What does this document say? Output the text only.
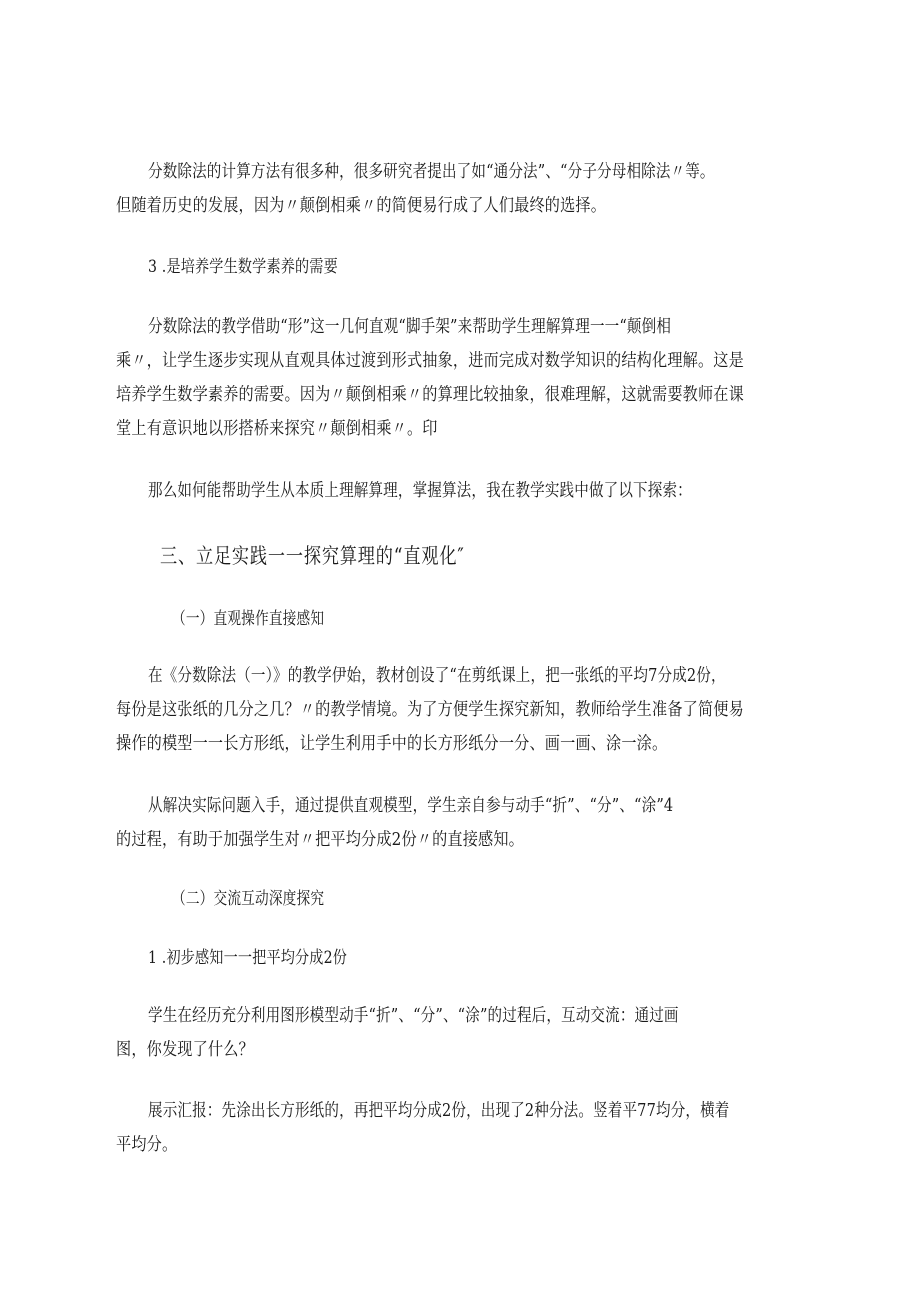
分数除法的计算方法有很多种，很多研究者提出了如“通分法”、“分子分母相除法〃等。
但随着历史的发展，因为〃颠倒相乘〃的简便易行成了人们最终的选择。
3 .是培养学生数学素养的需要
分数除法的教学借助“形”这一几何直观“脚手架”来帮助学生理解算理一一“颠倒相
乘〃，让学生逐步实现从直观具体过渡到形式抽象，进而完成对数学知识的结构化理解。这是
培养学生数学素养的需要。因为〃颠倒相乘〃的算理比较抽象，很难理解，这就需要教师在课
堂上有意识地以形搭桥来探究〃颠倒相乘〃。印
那么如何能帮助学生从本质上理解算理，掌握算法，我在教学实践中做了以下探索：
三、立足实践一一探究算理的“直观化″
（一）直观操作直接感知
在《分数除法（一）》的教学伊始，教材创设了“在剪纸课上，把一张纸的平均7分成2份，
每份是这张纸的几分之几？〃的教学情境。为了方便学生探究新知，教师给学生准备了简便易
操作的模型一一长方形纸，让学生利用手中的长方形纸分一分、画一画、涂一涂。
从解决实际问题入手，通过提供直观模型，学生亲自参与动手“折”、“分”、“涂”4
的过程，有助于加强学生对〃把平均分成2份〃的直接感知。
（二）交流互动深度探究
1 .初步感知一一把平均分成2份
学生在经历充分利用图形模型动手“折”、“分”、“涂”的过程后，互动交流：通过画
图，你发现了什么？
展示汇报：先涂出长方形纸的，再把平均分成2份，出现了2种分法。竖着平77均分，横着
平均分。
